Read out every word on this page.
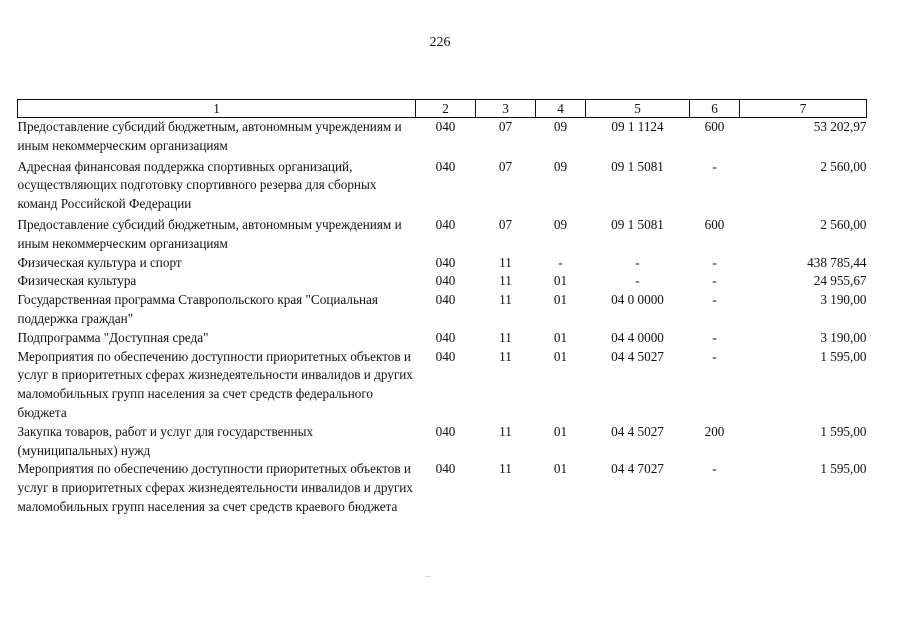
226
1	2	3	4	5	6	7
Предоставление субсидий бюджетным, автономным учреждениям и иным некоммерческим организациям	040	07	09	09 1 1124	600	53 202,97
Адресная финансовая поддержка спортивных организаций, осуществляющих подготовку спортивного резерва для сборных команд Российской Федерации	040	07	09	09 1 5081	-	2 560,00
Предоставление субсидий бюджетным, автономным учреждениям и иным некоммерческим организациям	040	07	09	09 1 5081	600	2 560,00
Физическая культура и спорт	040	11	-	-	-	438 785,44
Физическая культура	040	11	01	-	-	24 955,67
Государственная программа Ставропольского края "Социальная поддержка граждан"	040	11	01	04 0 0000	-	3 190,00
Подпрограмма "Доступная среда"	040	11	01	04 4 0000	-	3 190,00
Мероприятия по обеспечению доступности приоритетных объектов и услуг в приоритетных сферах жизнедеятельности инвалидов и других маломобильных групп населения за счет средств федерального бюджета	040	11	01	04 4 5027	-	1 595,00
Закупка товаров, работ и услуг для государственных (муниципальных) нужд	040	11	01	04 4 5027	200	1 595,00
Мероприятия по обеспечению доступности приоритетных объектов и услуг в приоритетных сферах жизнедеятельности инвалидов и других маломобильных групп населения за счет средств краевого бюджета	040	11	01	04 4 7027	-	1 595,00
